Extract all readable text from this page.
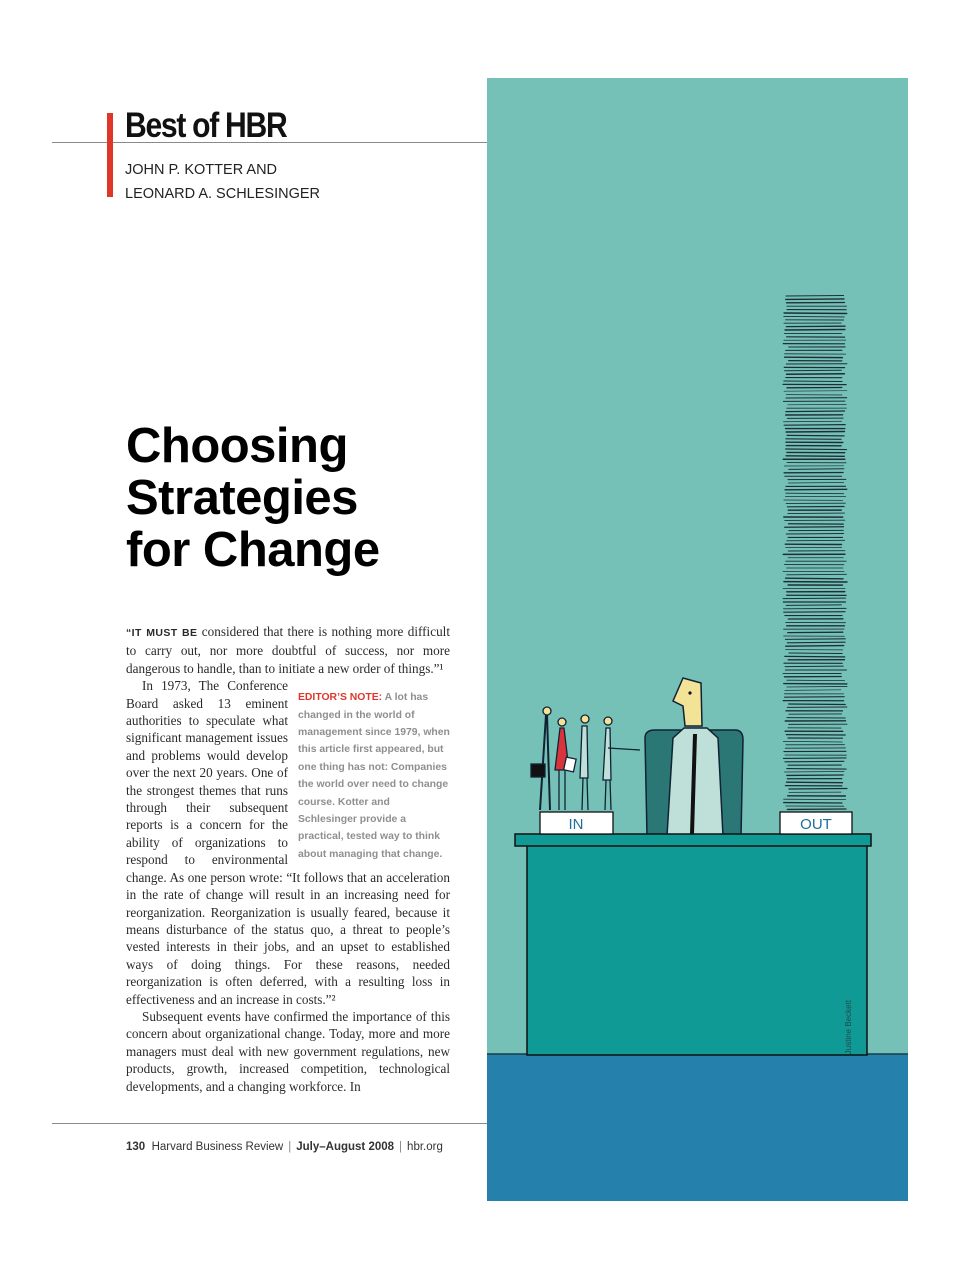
Best of HBR
JOHN P. KOTTER AND
LEONARD A. SCHLESINGER
Choosing
Strategies
for Change

“IT MUST BE considered that there is nothing more difficult to carry out, nor more doubtful of success, nor more dangerous to handle, than to initiate a new order of things.”¹

EDITOR’S NOTE: A lot has changed in the world of management since 1979, when this article first appeared, but one thing has not: Companies the world over need to change course. Kotter and Schlesinger provide a practical, tested way to think about managing that change.

In 1973, The Conference Board asked 13 eminent authorities to speculate what significant management issues and problems would develop over the next 20 years. One of the strongest themes that runs through their subsequent reports is a concern for the ability of organizations to respond to environmental change. As one person wrote: “It follows that an acceleration in the rate of change will result in an increasing need for reorganization. Reorganization is usually feared, because it means disturbance of the status quo, a threat to people’s vested interests in their jobs, and an upset to established ways of doing things. For these reasons, needed reorganization is often deferred, with a resulting loss in effectiveness and an increase in costs.”²

Subsequent events have confirmed the importance of this concern about organizational change. Today, more and more managers must deal with new government regulations, new products, growth, increased competition, technological developments, and a changing workforce. In

130 Harvard Business Review | July–August 2008 | hbr.org
IN	OUT
Justine Beckett
